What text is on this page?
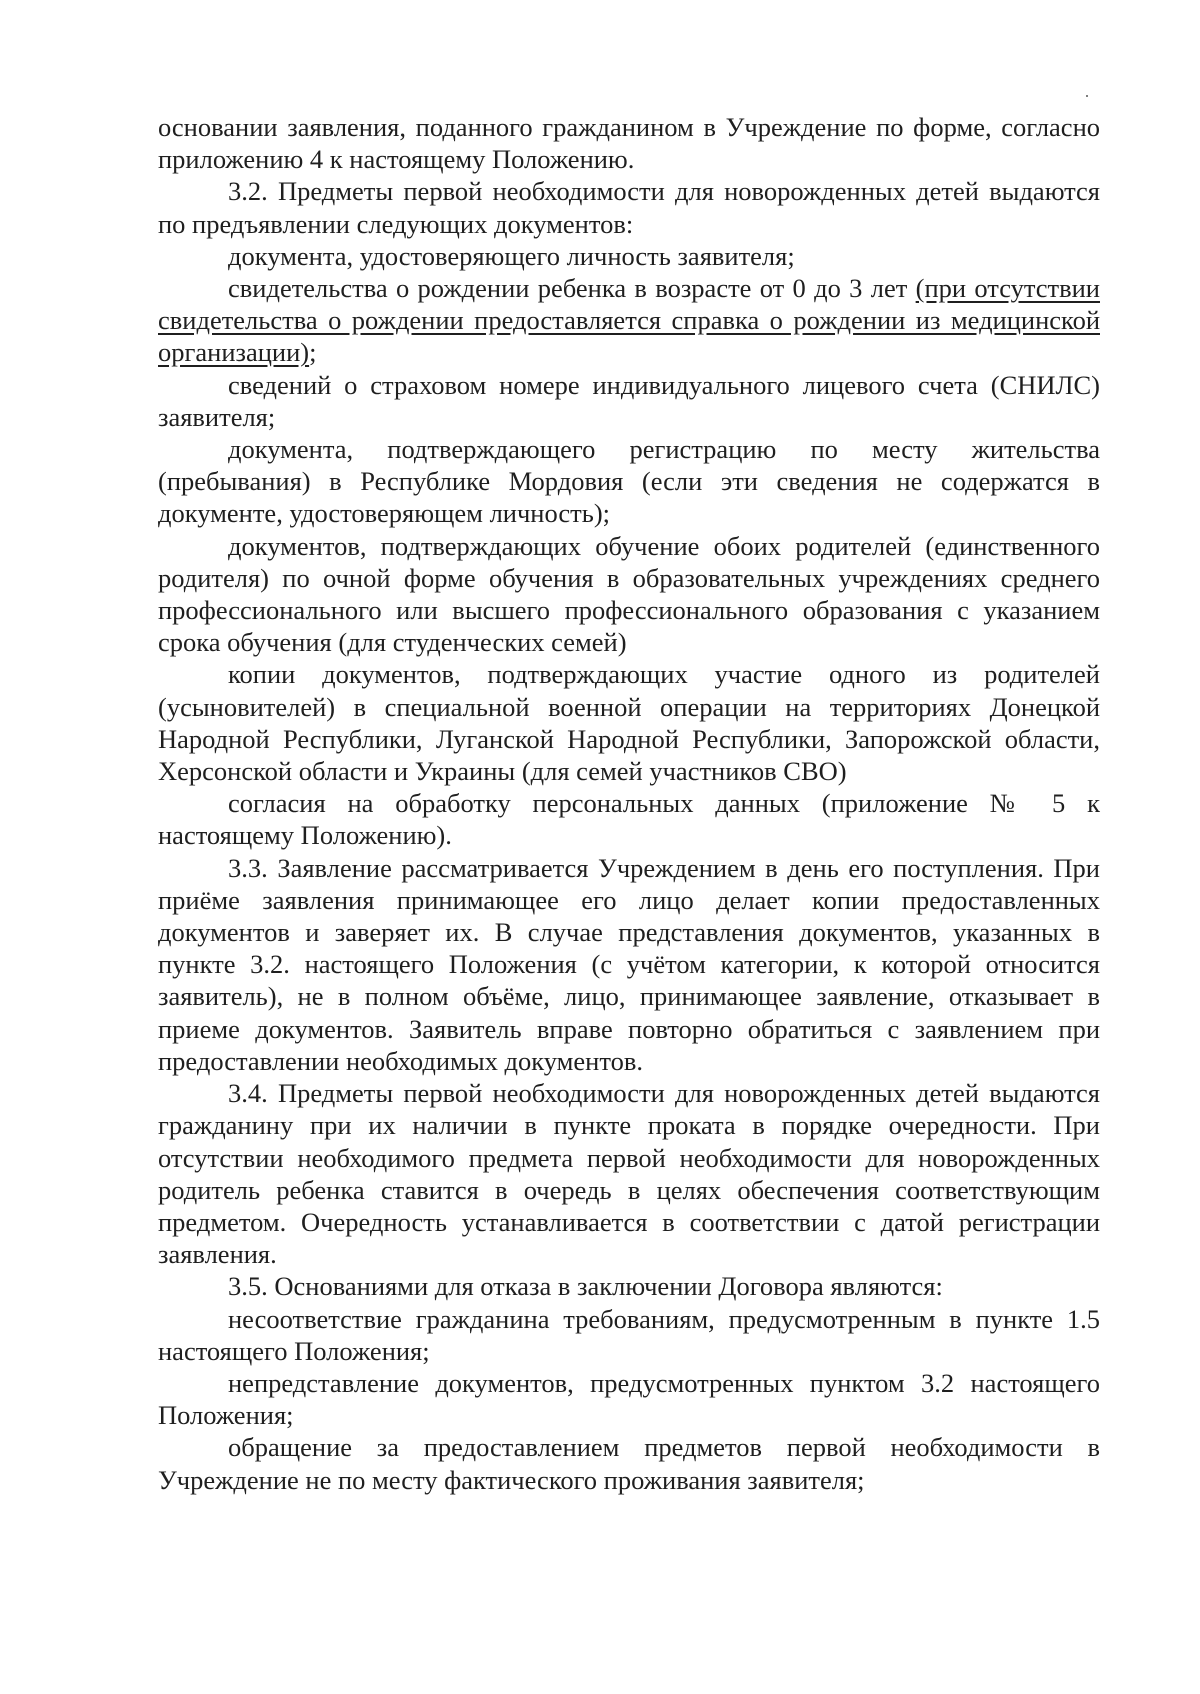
основании заявления, поданного гражданином в Учреждение по форме, согласно приложению 4 к настоящему Положению.

3.2. Предметы первой необходимости для новорожденных детей выдаются по предъявлении следующих документов:

документа, удостоверяющего личность заявителя;

свидетельства о рождении ребенка в возрасте от 0 до 3 лет (при отсутствии свидетельства о рождении предоставляется справка о рождении из медицинской организации);

сведений о страховом номере индивидуального лицевого счета (СНИЛС) заявителя;

документа, подтверждающего регистрацию по месту жительства (пребывания) в Республике Мордовия (если эти сведения не содержатся в документе, удостоверяющем личность);

документов, подтверждающих обучение обоих родителей (единственного родителя) по очной форме обучения в образовательных учреждениях среднего профессионального или высшего профессионального образования с указанием срока обучения (для студенческих семей)

копии документов, подтверждающих участие одного из родителей (усыновителей) в специальной военной операции на территориях Донецкой Народной Республики, Луганской Народной Республики, Запорожской области, Херсонской области и Украины (для семей участников СВО)

согласия на обработку персональных данных (приложение № 5 к настоящему Положению).

3.3. Заявление рассматривается Учреждением в день его поступления. При приёме заявления принимающее его лицо делает копии предоставленных документов и заверяет их. В случае представления документов, указанных в пункте 3.2. настоящего Положения (с учётом категории, к которой относится заявитель), не в полном объёме, лицо, принимающее заявление, отказывает в приеме документов. Заявитель вправе повторно обратиться с заявлением при предоставлении необходимых документов.

3.4. Предметы первой необходимости для новорожденных детей выдаются гражданину при их наличии в пункте проката в порядке очередности. При отсутствии необходимого предмета первой необходимости для новорожденных родитель ребенка ставится в очередь в целях обеспечения соответствующим предметом. Очередность устанавливается в соответствии с датой регистрации заявления.

3.5. Основаниями для отказа в заключении Договора являются:

несоответствие гражданина требованиям, предусмотренным в пункте 1.5 настоящего Положения;

непредставление документов, предусмотренных пунктом 3.2 настоящего Положения;

обращение за предоставлением предметов первой необходимости в Учреждение не по месту фактического проживания заявителя;
